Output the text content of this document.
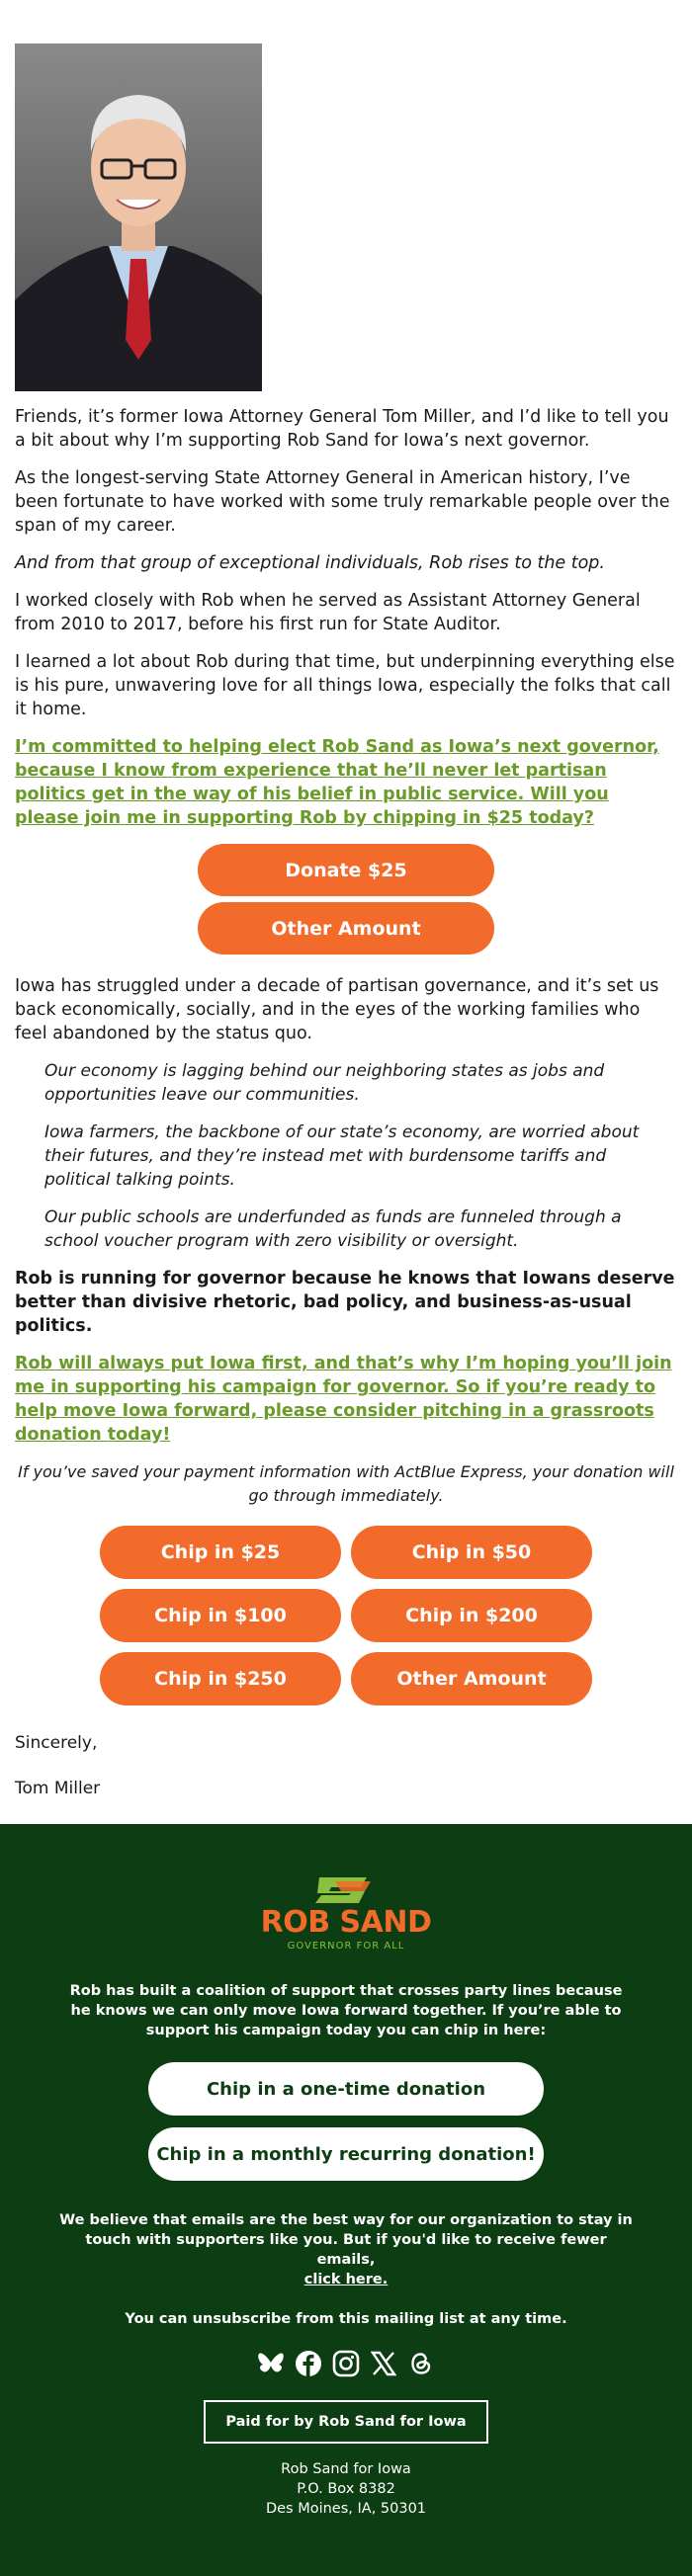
Friends, it’s former Iowa Attorney General Tom Miller, and I’d like to tell you a bit about why I’m supporting Rob Sand for Iowa’s next governor.

As the longest-serving State Attorney General in American history, I’ve been fortunate to have worked with some truly remarkable people over the span of my career.

And from that group of exceptional individuals, Rob rises to the top.

I worked closely with Rob when he served as Assistant Attorney General from 2010 to 2017, before his first run for State Auditor.

I learned a lot about Rob during that time, but underpinning everything else is his pure, unwavering love for all things Iowa, especially the folks that call it home.

I’m committed to helping elect Rob Sand as Iowa’s next governor, because I know from experience that he’ll never let partisan politics get in the way of his belief in public service. Will you please join me in supporting Rob by chipping in $25 today?
Donate $25
Other Amount

Iowa has struggled under a decade of partisan governance, and it’s set us back economically, socially, and in the eyes of the working families who feel abandoned by the status quo.

Our economy is lagging behind our neighboring states as jobs and opportunities leave our communities.

Iowa farmers, the backbone of our state’s economy, are worried about their futures, and they’re instead met with burdensome tariffs and political talking points.

Our public schools are underfunded as funds are funneled through a school voucher program with zero visibility or oversight.

Rob is running for governor because he knows that Iowans deserve better than divisive rhetoric, bad policy, and business-as-usual politics.

Rob will always put Iowa first, and that’s why I’m hoping you’ll join me in supporting his campaign for governor. So if you’re ready to help move Iowa forward, please consider pitching in a grassroots donation today!

If you’ve saved your payment information with ActBlue Express, your donation will go through immediately.

Chip in $25	Chip in $50
Chip in $100	Chip in $200
Chip in $250	Other Amount

Sincerely,

Tom Miller

ROB SAND
GOVERNOR FOR ALL

Rob has built a coalition of support that crosses party lines because he knows we can only move Iowa forward together. If you’re able to support his campaign today you can chip in here:

Chip in a one-time donation
Chip in a monthly recurring donation!

We believe that emails are the best way for our organization to stay in touch with supporters like you. But if you'd like to receive fewer emails,
click here.

You can unsubscribe from this mailing list at any time.

Paid for by Rob Sand for Iowa
Rob Sand for Iowa
P.O. Box 8382
Des Moines, IA, 50301
